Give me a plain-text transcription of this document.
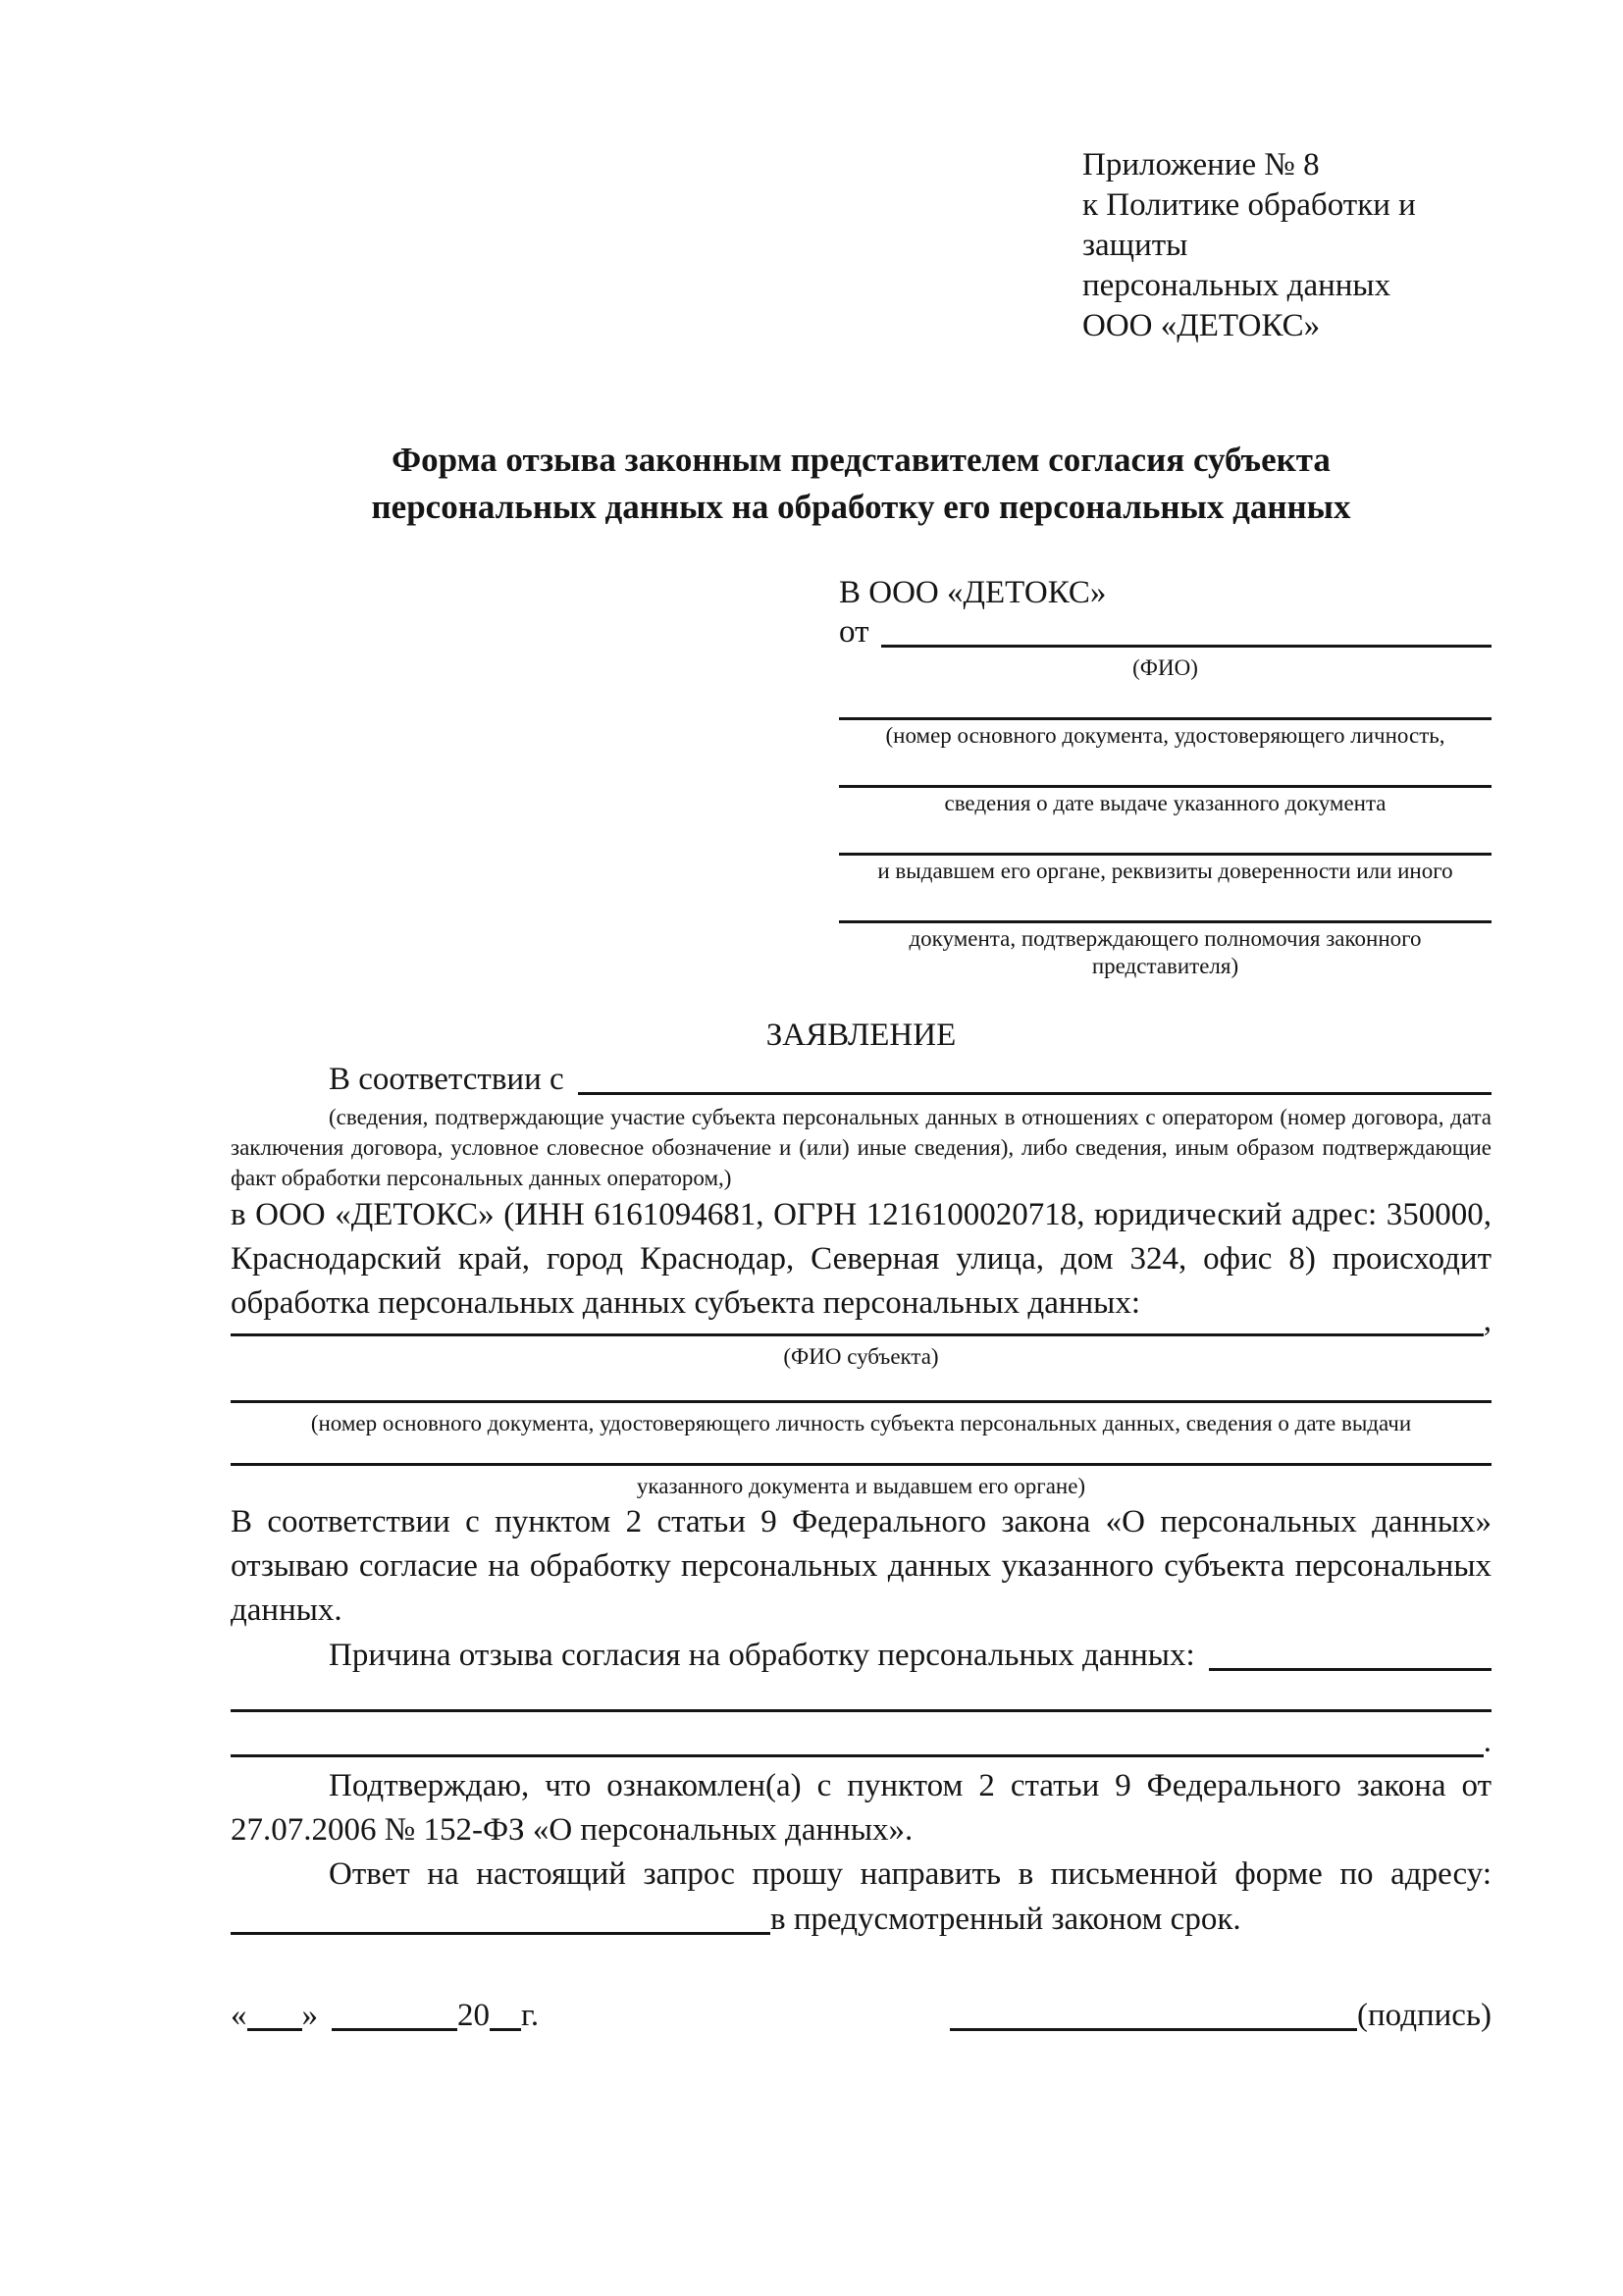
Приложение № 8
к Политике обработки и защиты
персональных данных
ООО «ДЕТОКС»
Форма отзыва законным представителем согласия субъекта
персональных данных на обработку его персональных данных
В ООО «ДЕТОКС»
от
(ФИО)
(номер основного документа, удостоверяющего личность,
сведения о дате выдаче указанного документа
и выдавшем его органе, реквизиты доверенности или иного
документа, подтверждающего полномочия законного представителя)
ЗАЯВЛЕНИЕ
В соответствии с
(сведения, подтверждающие участие субъекта персональных данных в отношениях с оператором (номер договора, дата заключения договора, условное словесное обозначение и (или) иные сведения), либо сведения, иным образом подтверждающие факт обработки персональных данных оператором,)
в ООО «ДЕТОКС» (ИНН 6161094681, ОГРН 1216100020718, юридический адрес: 350000, Краснодарский край, город Краснодар, Северная улица, дом 324, офис 8) происходит обработка персональных данных субъекта персональных данных:	,
(ФИО субъекта)
(номер основного документа, удостоверяющего личность субъекта персональных данных, сведения о дате выдачи
указанного документа и выдавшем его органе)
В соответствии с пунктом 2 статьи 9 Федерального закона «О персональных данных» отзываю согласие на обработку персональных данных указанного субъекта персональных данных.
Причина отзыва согласия на обработку персональных данных:
.
Подтверждаю, что ознакомлен(а) с пунктом 2 статьи 9 Федерального закона от 27.07.2006 № 152-ФЗ «О персональных данных».
Ответ на настоящий запрос прошу направить в письменной форме по адресу:
в предусмотренный законом срок.
« »	20 г.	(подпись)
